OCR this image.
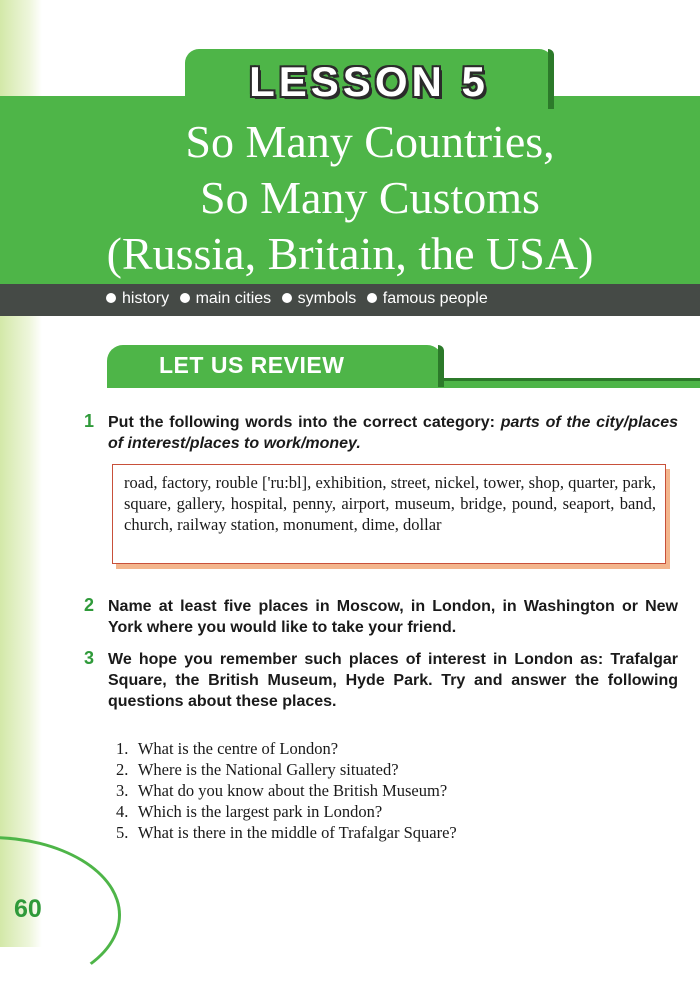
LESSON 5
So Many Countries,
So Many Customs
(Russia, Britain, the USA)
history main cities symbols famous people
LET US REVIEW
1 Put the following words into the correct category: parts of the city/places of interest/places to work/money.
road, factory, rouble ['ru:bl], exhibition, street, nickel, tower, shop, quarter, park, square, gallery, hospital, penny, airport, museum, bridge, pound, seaport, band, church, railway station, monument, dime, dollar
2 Name at least five places in Moscow, in London, in Washington or New York where you would like to take your friend.
3 We hope you remember such places of interest in London as: Trafalgar Square, the British Museum, Hyde Park. Try and answer the following questions about these places.
1. What is the centre of London?
2. Where is the National Gallery situated?
3. What do you know about the British Museum?
4. Which is the largest park in London?
5. What is there in the middle of Trafalgar Square?
60
